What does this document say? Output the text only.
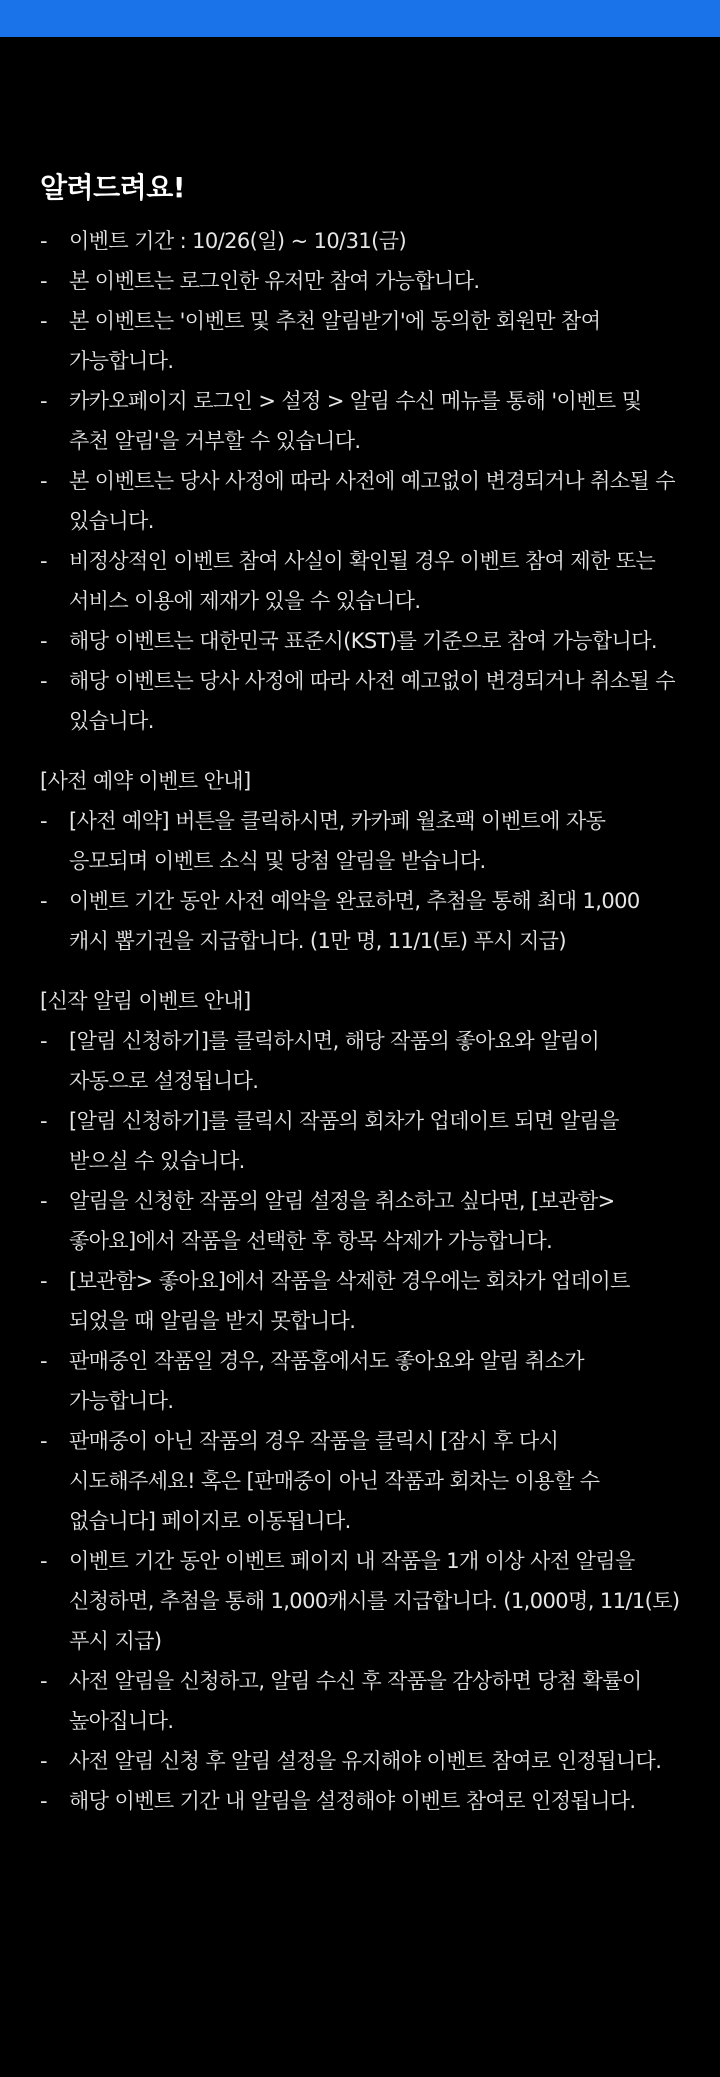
알려드려요!
-	이벤트 기간 : 10/26(일) ~ 10/31(금)
-	본 이벤트는 로그인한 유저만 참여 가능합니다.
-	본 이벤트는 '이벤트 및 추천 알림받기'에 동의한 회원만 참여 가능합니다.
-	카카오페이지 로그인 > 설정 > 알림 수신 메뉴를 통해 '이벤트 및 추천 알림'을 거부할 수 있습니다.
-	본 이벤트는 당사 사정에 따라 사전에 예고없이 변경되거나 취소될 수 있습니다.
-	비정상적인 이벤트 참여 사실이 확인될 경우 이벤트 참여 제한 또는 서비스 이용에 제재가 있을 수 있습니다.
-	해당 이벤트는 대한민국 표준시(KST)를 기준으로 참여 가능합니다.
-	해당 이벤트는 당사 사정에 따라 사전 예고없이 변경되거나 취소될 수 있습니다.
[사전 예약 이벤트 안내]
-	[사전 예약] 버튼을 클릭하시면, 카카페 월초팩 이벤트에 자동 응모되며 이벤트 소식 및 당첨 알림을 받습니다.
-	이벤트 기간 동안 사전 예약을 완료하면, 추첨을 통해 최대 1,000 캐시 뽑기권을 지급합니다. (1만 명, 11/1(토) 푸시 지급)
[신작 알림 이벤트 안내]
-	[알림 신청하기]를 클릭하시면, 해당 작품의 좋아요와 알림이 자동으로 설정됩니다.
-	[알림 신청하기]를 클릭시 작품의 회차가 업데이트 되면 알림을 받으실 수 있습니다.
-	알림을 신청한 작품의 알림 설정을 취소하고 싶다면, [보관함> 좋아요]에서 작품을 선택한 후 항목 삭제가 가능합니다.
-	[보관함> 좋아요]에서 작품을 삭제한 경우에는 회차가 업데이트 되었을 때 알림을 받지 못합니다.
-	판매중인 작품일 경우, 작품홈에서도 좋아요와 알림 취소가 가능합니다.
-	판매중이 아닌 작품의 경우 작품을 클릭시 [잠시 후 다시 시도해주세요! 혹은 [판매중이 아닌 작품과 회차는 이용할 수 없습니다] 페이지로 이동됩니다.
-	이벤트 기간 동안 이벤트 페이지 내 작품을 1개 이상 사전 알림을 신청하면, 추첨을 통해 1,000캐시를 지급합니다. (1,000명, 11/1(토) 푸시 지급)
-	사전 알림을 신청하고, 알림 수신 후 작품을 감상하면 당첨 확률이 높아집니다.
-	사전 알림 신청 후 알림 설정을 유지해야 이벤트 참여로 인정됩니다.
-	해당 이벤트 기간 내 알림을 설정해야 이벤트 참여로 인정됩니다.
